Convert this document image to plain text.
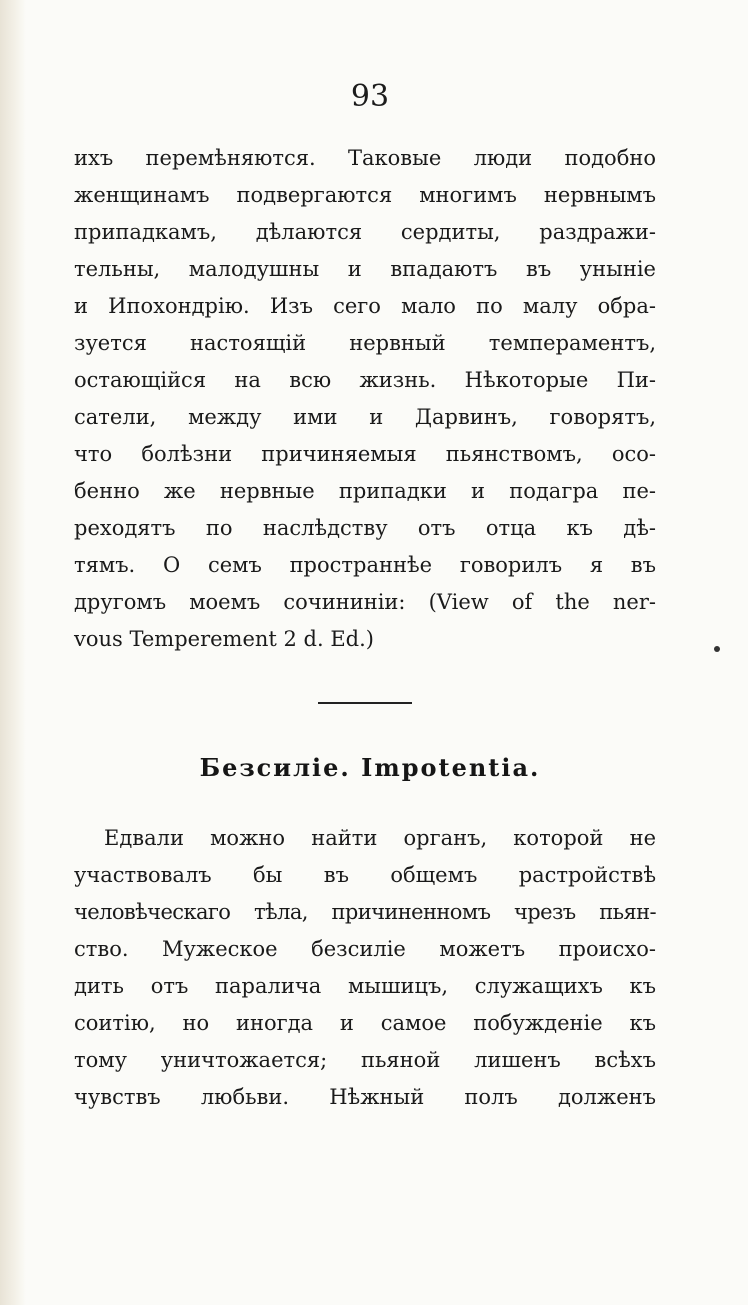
93
ихъ перемѣняются. Таковые люди подобно
женщинамъ подвергаются многимъ нервнымъ
припадкамъ, дѣлаются сердиты, раздражи-
тельны, малодушны и впадаютъ въ уныніе
и Ипохондрію. Изъ сего мало по малу обра-
зуется настоящій нервный темпераментъ,
остающійся на всю жизнь. Нѣкоторые Пи-
сатели, между ими и Дарвинъ, говорятъ,
что болѣзни причиняемыя пьянствомъ, осо-
бенно же нервные припадки и подагра пе-
реходятъ по наслѣдству отъ отца къ дѣ-
тямъ. О семъ пространнѣе говорилъ я въ
другомъ моемъ сочининіи: (View of the ner-
vous Temperement 2 d. Ed.)
Безсиліе. Impotentia.
Едвали можно найти органъ, которой не
участвовалъ бы въ общемъ растройствѣ
человѣческаго тѣла, причиненномъ чрезъ пьян-
ство. Мужеское безсиліе можетъ происхо-
дить отъ паралича мышицъ, служащихъ къ
соитію, но иногда и самое побужденіе къ
тому уничтожается; пьяной лишенъ всѣхъ
чувствъ любьви. Нѣжный полъ долженъ
